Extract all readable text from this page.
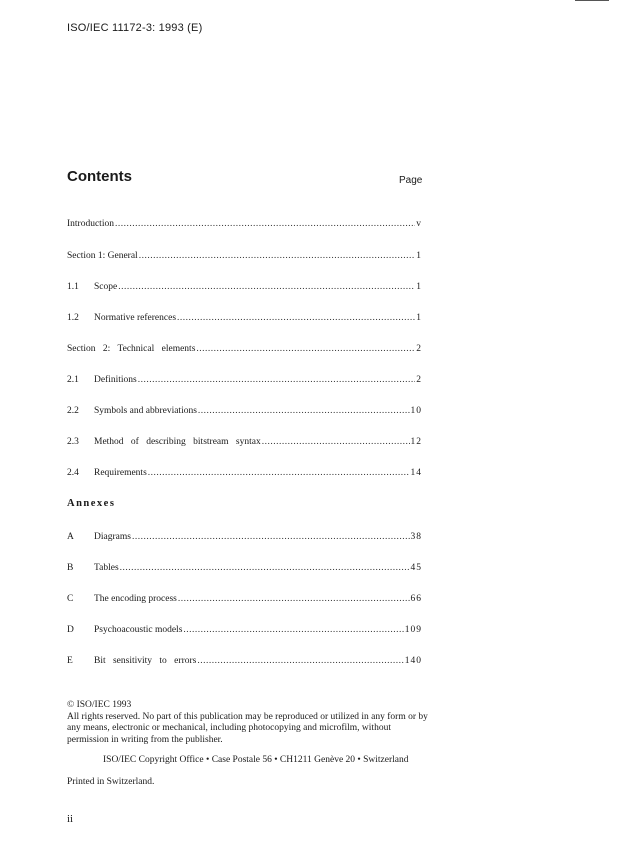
ISO/IEC 11172-3: 1993 (E)
Contents	Page
Introduction .....	v
Section 1: General .....	1
1.1	Scope .....	1
1.2	Normative references .....	1
Section 2: Technical elements .....	2
2.1	Definitions .....	2
2.2	Symbols and abbreviations .....	10
2.3	Method of describing bitstream syntax .....	12
2.4	Requirements .....	14
Annexes
A	Diagrams .....	38
B	Tables .....	45
C	The encoding process .....	66
D	Psychoacoustic models .....	109
E	Bit sensitivity to errors .....	140
© ISO/IEC 1993
All rights reserved. No part of this publication may be reproduced or utilized in any form or by
any means, electronic or mechanical, including photocopying and microfilm, without
permission in writing from the publisher.
ISO/IEC Copyright Office • Case Postale 56 • CH1211 Genève 20 • Switzerland
Printed in Switzerland.
ii
